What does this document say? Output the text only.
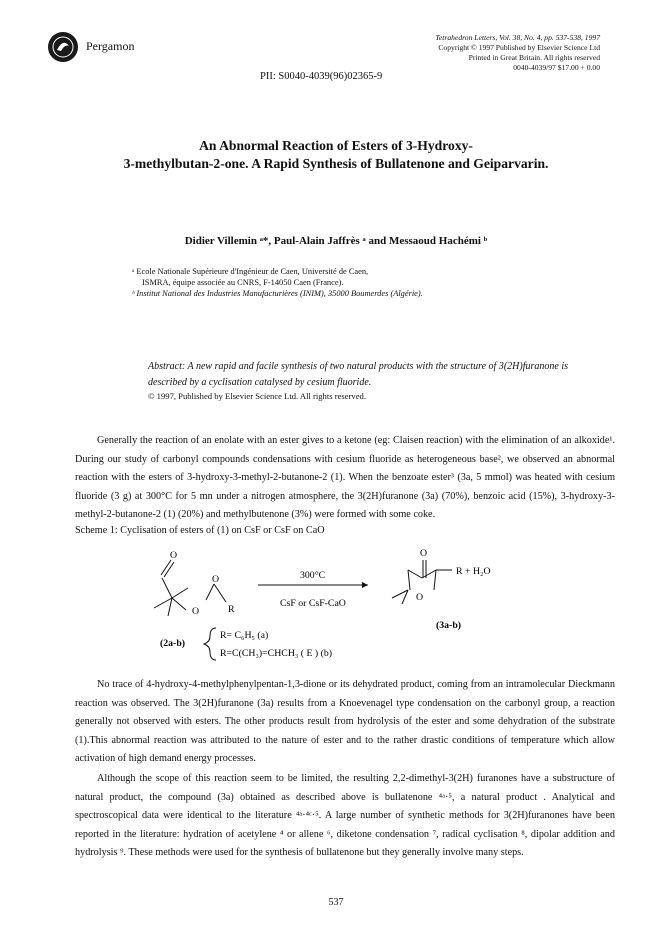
Pergamon
Tetrahedron Letters, Vol. 38, No. 4, pp. 537-538, 1997
Copyright © 1997 Published by Elsevier Science Ltd
Printed in Great Britain. All rights reserved
0040-4039/97 $17.00 + 0.00
PII: S0040-4039(96)02365-9
An Abnormal Reaction of Esters of 3-Hydroxy-
3-methylbutan-2-one. A Rapid Synthesis of Bullatenone and Geiparvarin.
Didier Villemin ᵃ*, Paul-Alain Jaffrès ᵃ and Messaoud Hachémi ᵇ
ᵃ Ecole Nationale Supérieure d'Ingénieur de Caen, Université de Caen,
ISMRA, équipe associée au CNRS, F-14050 Caen (France).
ᵇ Institut National des Industries Manufacturières (INIM), 35000 Boumerdes (Algérie).
Abstract: A new rapid and facile synthesis of two natural products with the structure of 3(2H)furanone is described by a cyclisation catalysed by cesium fluoride.
© 1997, Published by Elsevier Science Ltd. All rights reserved.

Generally the reaction of an enolate with an ester gives to a ketone (eg: Claisen reaction) with the elimination of an alkoxide¹. During our study of carbonyl compounds condensations with cesium fluoride as heterogeneous base², we observed an abnormal reaction with the esters of 3-hydroxy-3-methyl-2-butanone-2 (1). When the benzoate ester³ (3a, 5 mmol) was heated with cesium fluoride (3 g) at 300°C for 5 mn under a nitrogen atmosphere, the 3(2H)furanone (3a) (70%), benzoic acid (15%), 3-hydroxy-3-methyl-2-butanone-2 (1) (20%) and methylbutenone (3%) were formed with some coke.

Scheme 1: Cyclisation of esters of (1) on CsF or CsF on CaO
O
O
O	R
300°C
CsF or CsF-CaO
O
O
R + H₂O
(3a-b)
(2a-b)
R= C₆H₅ (a)
R=C(CH₃)=CHCH₃ ( E ) (b)

No trace of 4-hydroxy-4-methylphenylpentan-1,3-dione or its dehydrated product, coming from an intramolecular Dieckmann reaction was observed. The 3(2H)furanone (3a) results from a Knoevenagel type condensation on the carbonyl group, a reaction generally not observed with esters. The other products result from hydrolysis of the ester and some dehydration of the substrate (1).This abnormal reaction was attributed to the nature of ester and to the rather drastic conditions of temperature which allow activation of high demand energy processes.

Although the scope of this reaction seem to be limited, the resulting 2,2-dimethyl-3(2H) furanones have a substructure of natural product, the compound (3a) obtained as described above is bullatenone ⁴ᵃ·⁵, a natural product . Analytical and spectroscopical data were identical to the literature ⁴ᵃ·⁴ᶜ·⁵. A large number of synthetic methods for 3(2H)furanones have been reported in the literature: hydration of acetylene ⁴ or allene ⁶, diketone condensation ⁷, radical cyclisation ⁸, dipolar addition and hydrolysis ⁹. These methods were used for the synthesis of bullatenone but they generally involve many steps.

537
